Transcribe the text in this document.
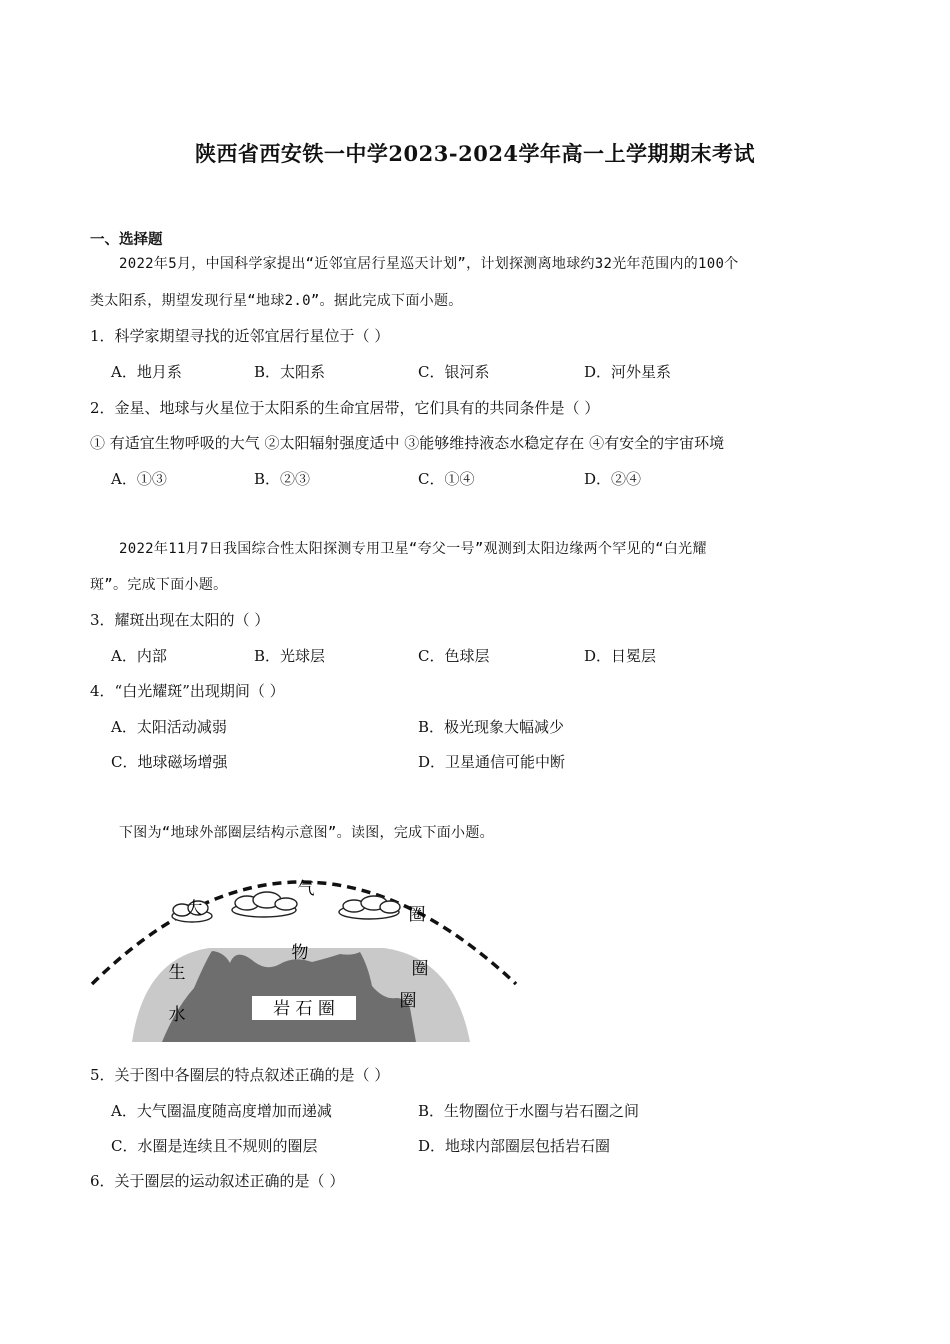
陕西省西安铁一中学2023-2024学年高一上学期期末考试
一、选择题
2022年5月，中国科学家提出“近邻宜居行星巡天计划”，计划探测离地球约32光年范围内的100个
类太阳系，期望发现行星“地球2.0”。据此完成下面小题。
1．科学家期望寻找的近邻宜居行星位于（ ）
A．地月系	B．太阳系	C．银河系	D．河外星系
2．金星、地球与火星位于太阳系的生命宜居带，它们具有的共同条件是（ ）
① 有适宜生物呼吸的大气 ②太阳辐射强度适中 ③能够维持液态水稳定存在 ④有安全的宇宙环境
A．①③	B．②③	C．①④	D．②④
2022年11月7日我国综合性太阳探测专用卫星“夸父一号”观测到太阳边缘两个罕见的“白光耀
斑”。完成下面小题。
3．耀斑出现在太阳的（ ）
A．内部	B．光球层	C．色球层	D．日冕层
4．“白光耀斑”出现期间（ ）
A．太阳活动减弱	B．极光现象大幅减少
C．地球磁场增强	D．卫星通信可能中断
下图为“地球外部圈层结构示意图”。读图，完成下面小题。
大
气
圈
生
物
圈
圈
水	岩 石 圈
5．关于图中各圈层的特点叙述正确的是（ ）
A．大气圈温度随高度增加而递减	B．生物圈位于水圈与岩石圈之间
C．水圈是连续且不规则的圈层	D．地球内部圈层包括岩石圈
6．关于圈层的运动叙述正确的是（ ）
